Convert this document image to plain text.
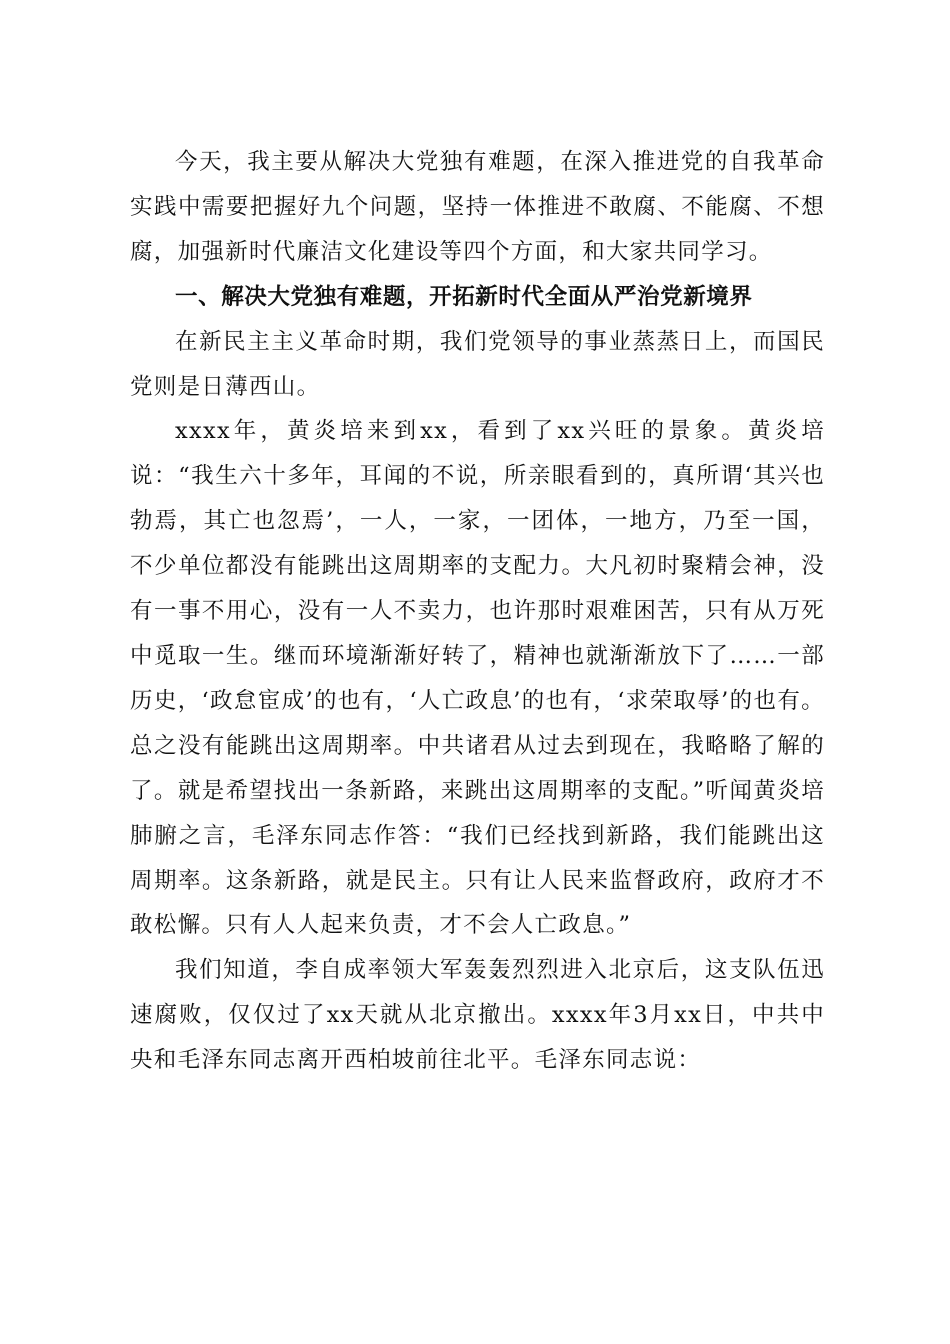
今天，我主要从解决大党独有难题，在深入推进党的自我革命实践中需要把握好九个问题，坚持一体推进不敢腐、不能腐、不想腐，加强新时代廉洁文化建设等四个方面，和大家共同学习。

一、解决大党独有难题，开拓新时代全面从严治党新境界

在新民主主义革命时期，我们党领导的事业蒸蒸日上，而国民党则是日薄西山。

xxxx年，黄炎培来到xx，看到了xx兴旺的景象。黄炎培说：“我生六十多年，耳闻的不说，所亲眼看到的，真所谓‘其兴也勃焉，其亡也忽焉’，一人，一家，一团体，一地方，乃至一国，不少单位都没有能跳出这周期率的支配力。大凡初时聚精会神，没有一事不用心，没有一人不卖力，也许那时艰难困苦，只有从万死中觅取一生。继而环境渐渐好转了，精神也就渐渐放下了……一部历史，‘政怠宦成’的也有，‘人亡政息’的也有，‘求荣取辱’的也有。总之没有能跳出这周期率。中共诸君从过去到现在，我略略了解的了。就是希望找出一条新路，来跳出这周期率的支配。”听闻黄炎培肺腑之言，毛泽东同志作答：“我们已经找到新路，我们能跳出这周期率。这条新路，就是民主。只有让人民来监督政府，政府才不敢松懈。只有人人起来负责，才不会人亡政息。”

我们知道，李自成率领大军轰轰烈烈进入北京后，这支队伍迅速腐败，仅仅过了xx天就从北京撤出。xxxx年3月xx日，中共中央和毛泽东同志离开西柏坡前往北平。毛泽东同志说：
